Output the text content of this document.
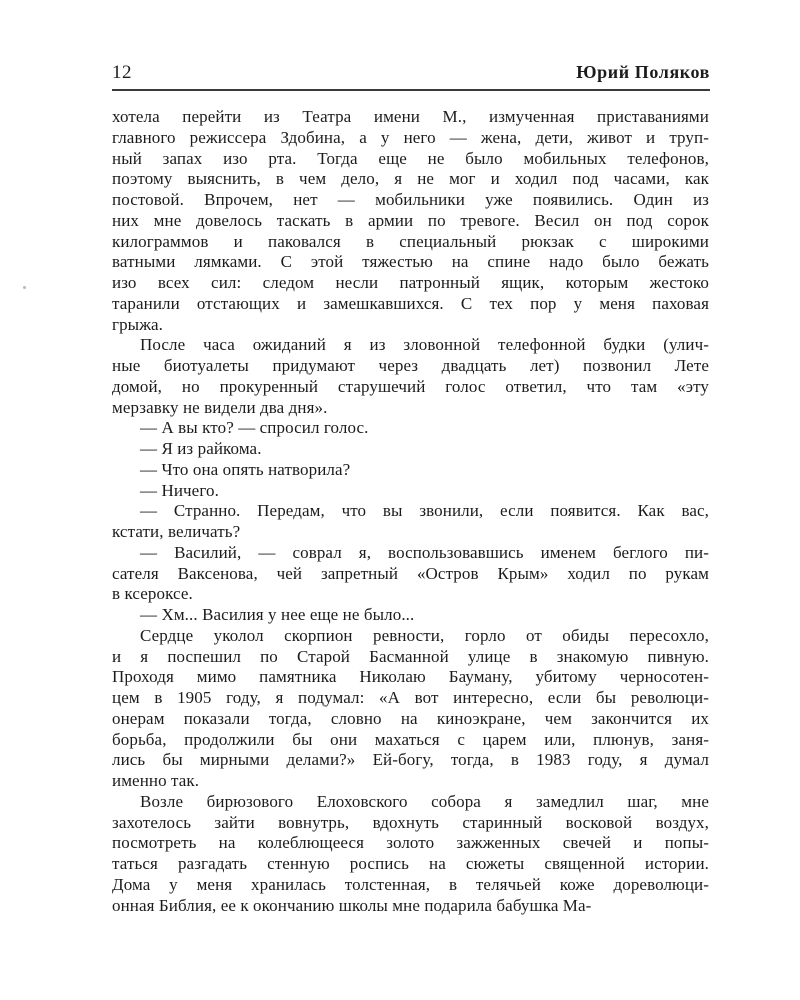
12	Юрий Поляков
хотела перейти из Театра имени М., измученная приставаниями
главного режиссера Здобина, а у него — жена, дети, живот и труп-
ный запах изо рта. Тогда еще не было мобильных телефонов,
поэтому выяснить, в чем дело, я не мог и ходил под часами, как
постовой. Впрочем, нет — мобильники уже появились. Один из
них мне довелось таскать в армии по тревоге. Весил он под сорок
килограммов и паковался в специальный рюкзак с широкими
ватными лямками. С этой тяжестью на спине надо было бежать
изо всех сил: следом несли патронный ящик, которым жестоко
таранили отстающих и замешкавшихся. С тех пор у меня паховая
грыжа.
После часа ожиданий я из зловонной телефонной будки (улич-
ные биотуалеты придумают через двадцать лет) позвонил Лете
домой, но прокуренный старушечий голос ответил, что там «эту
мерзавку не видели два дня».
— А вы кто? — спросил голос.
— Я из райкома.
— Что она опять натворила?
— Ничего.
— Странно. Передам, что вы звонили, если появится. Как вас,
кстати, величать?
— Василий, — соврал я, воспользовавшись именем беглого пи-
сателя Ваксенова, чей запретный «Остров Крым» ходил по рукам
в ксероксе.
— Хм... Василия у нее еще не было...
Сердце уколол скорпион ревности, горло от обиды пересохло,
и я поспешил по Старой Басманной улице в знакомую пивную.
Проходя мимо памятника Николаю Бауману, убитому черносотен-
цем в 1905 году, я подумал: «А вот интересно, если бы революци-
онерам показали тогда, словно на киноэкране, чем закончится их
борьба, продолжили бы они махаться с царем или, плюнув, заня-
лись бы мирными делами?» Ей-богу, тогда, в 1983 году, я думал
именно так.
Возле бирюзового Елоховского собора я замедлил шаг, мне
захотелось зайти вовнутрь, вдохнуть старинный восковой воздух,
посмотреть на колеблющееся золото зажженных свечей и попы-
таться разгадать стенную роспись на сюжеты священной истории.
Дома у меня хранилась толстенная, в телячьей коже дореволюци-
онная Библия, ее к окончанию школы мне подарила бабушка Ма-
